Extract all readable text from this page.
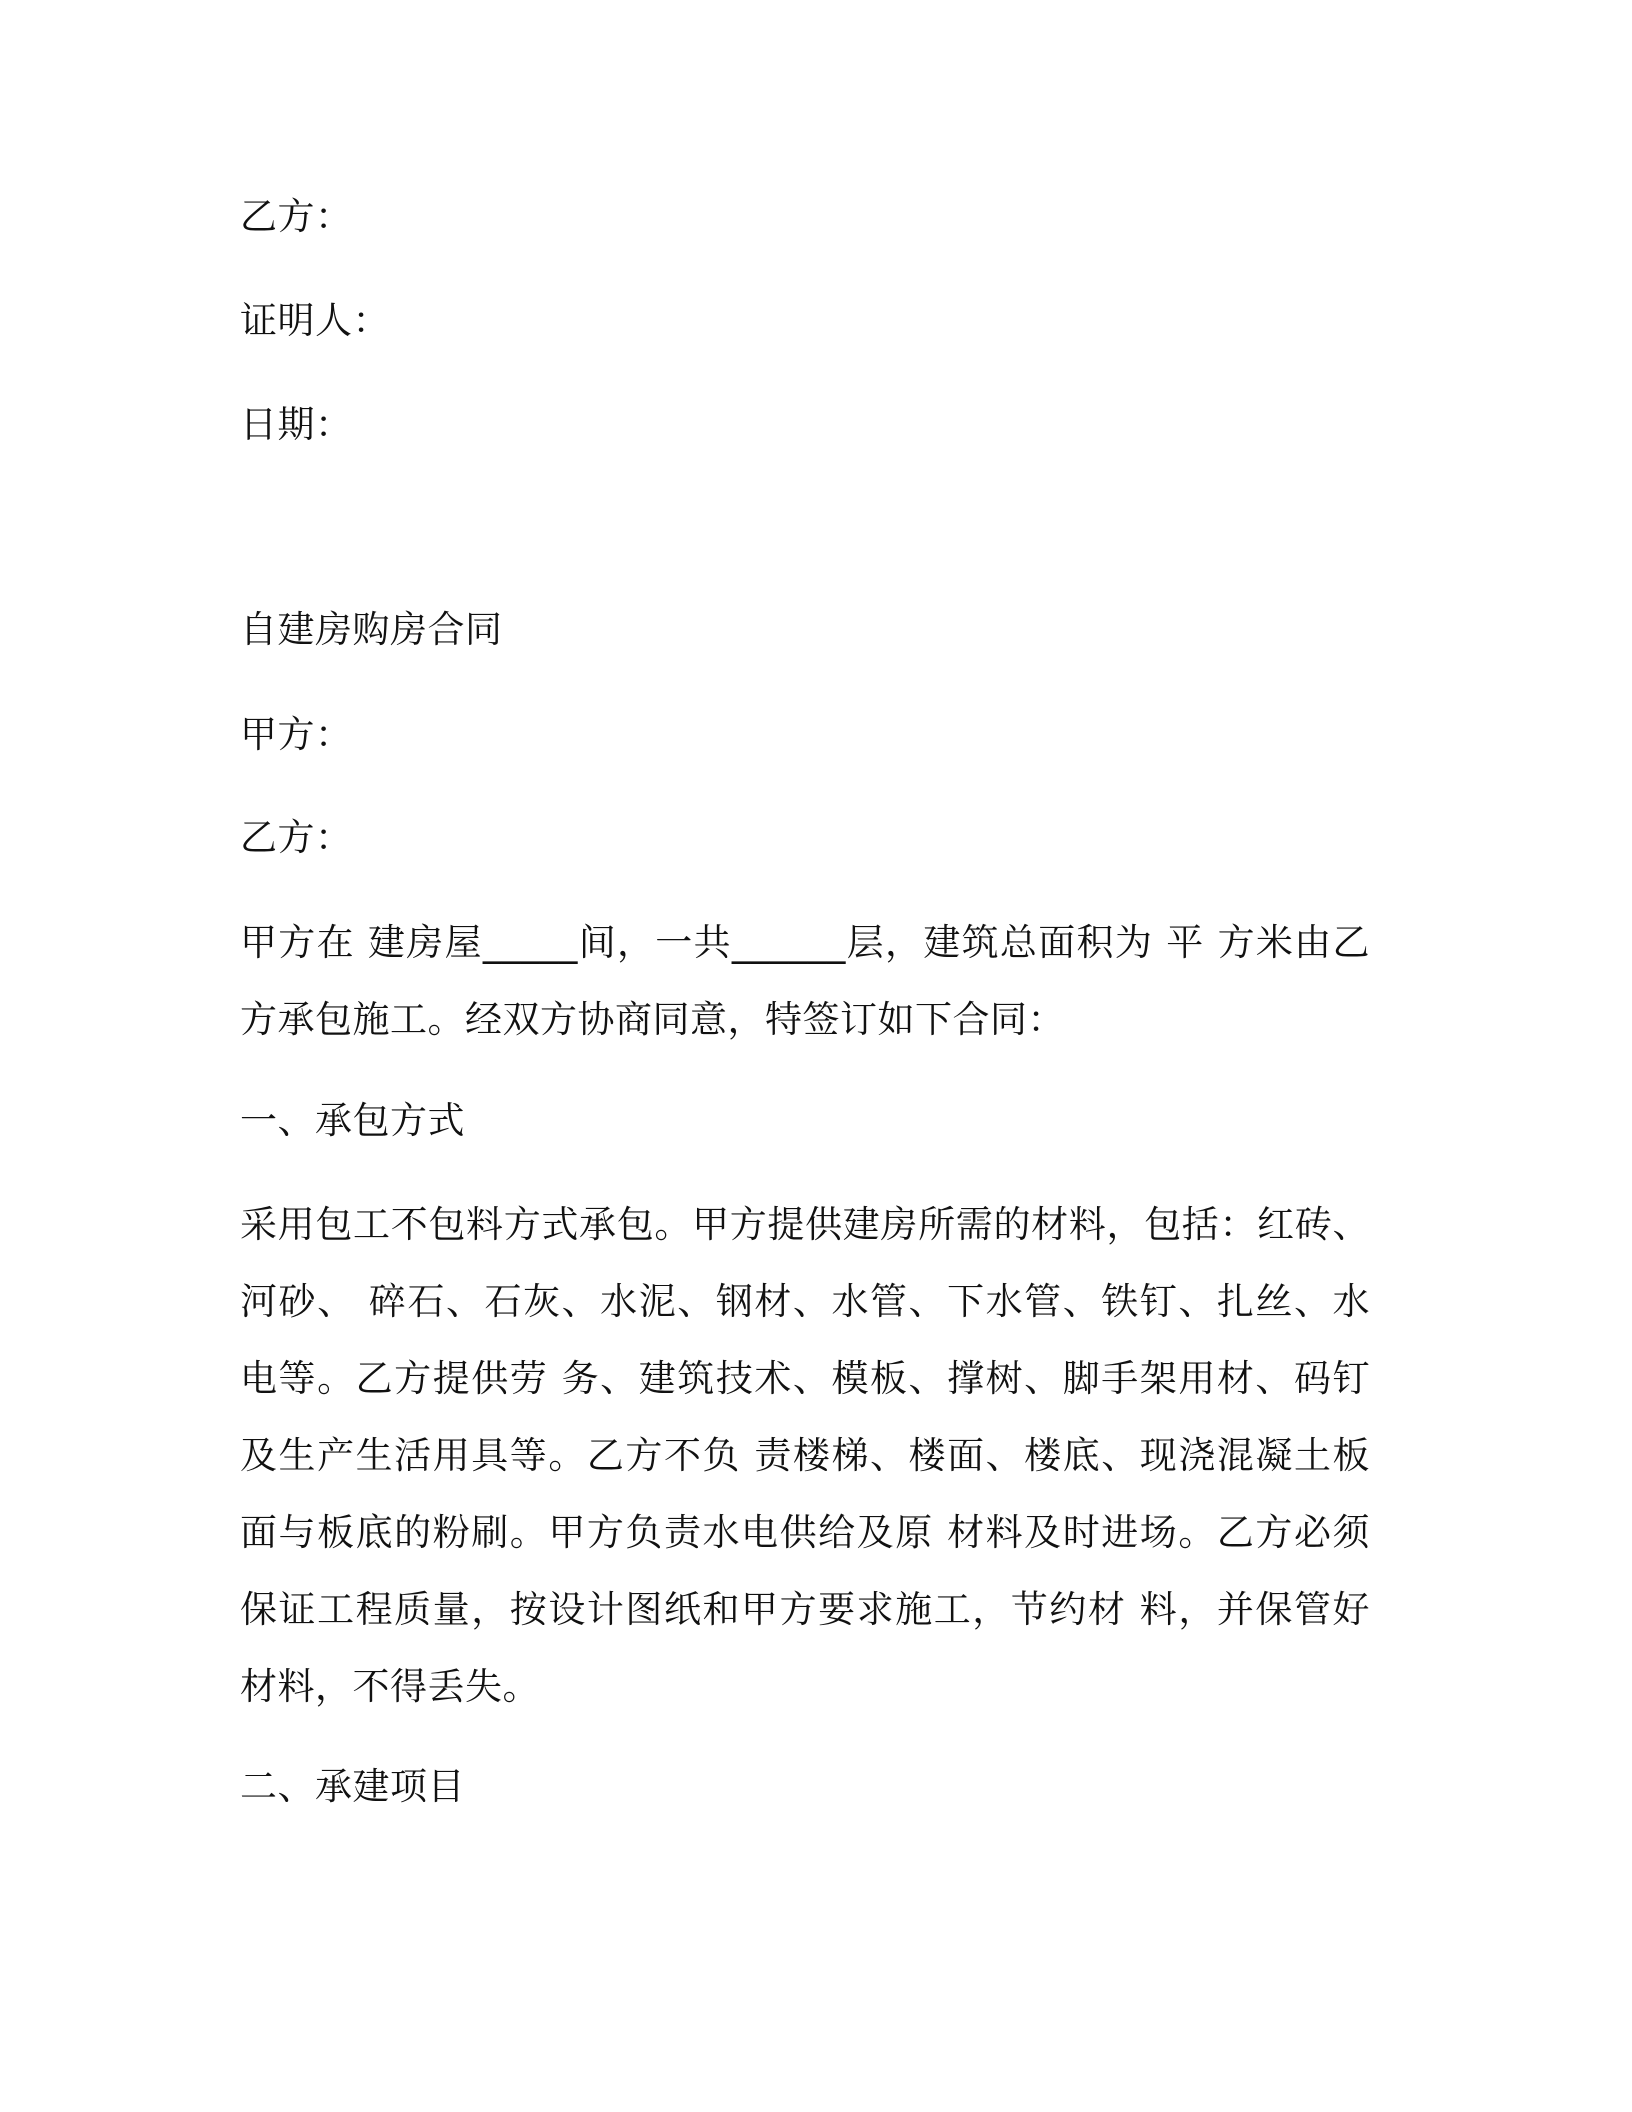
乙方：

证明人：

日期：

自建房购房合同

甲方：

乙方：

甲方在 建房屋_____间，一共______层，建筑总面积为 平 方米由乙方承包施工。经双方协商同意，特签订如下合同：

一、承包方式

采用包工不包料方式承包。甲方提供建房所需的材料，包括：红砖、河砂、 碎石、石灰、水泥、钢材、水管、下水管、铁钉、扎丝、水电等。乙方提供劳 务、建筑技术、模板、撑树、脚手架用材、码钉及生产生活用具等。乙方不负 责楼梯、楼面、楼底、现浇混凝土板面与板底的粉刷。甲方负责水电供给及原 材料及时进场。乙方必须保证工程质量，按设计图纸和甲方要求施工，节约材 料，并保管好材料，不得丢失。

二、承建项目
